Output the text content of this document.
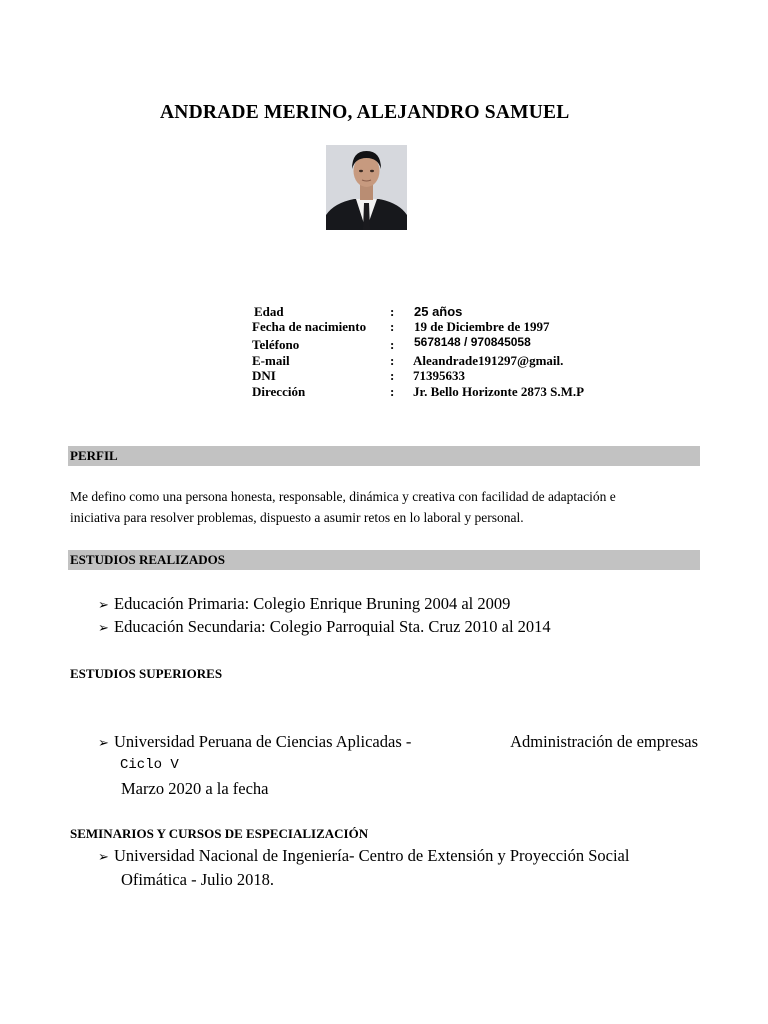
ANDRADE MERINO, ALEJANDRO SAMUEL
Edad	: 25 años
Fecha de nacimiento : 19 de Diciembre de 1997
Teléfono	: 5678148 / 970845058
E-mail	: Aleandrade191297@gmail.
DNI	: 71395633
Dirección	: Jr. Bello Horizonte 2873 S.M.P
PERFIL
Me defino como una persona honesta, responsable, dinámica y creativa con facilidad de adaptación e
iniciativa para resolver problemas, dispuesto a asumir retos en lo laboral y personal.
ESTUDIOS REALIZADOS
➢ Educación Primaria: Colegio Enrique Bruning 2004 al 2009
➢ Educación Secundaria: Colegio Parroquial Sta. Cruz 2010 al 2014
ESTUDIOS SUPERIORES
➢ Universidad Peruana de Ciencias Aplicadas -	Administración de empresas
Ciclo V
Marzo 2020 a la fecha
SEMINARIOS Y CURSOS DE ESPECIALIZACIÓN
➢ Universidad Nacional de Ingeniería- Centro de Extensión y Proyección Social
Ofimática - Julio 2018.
